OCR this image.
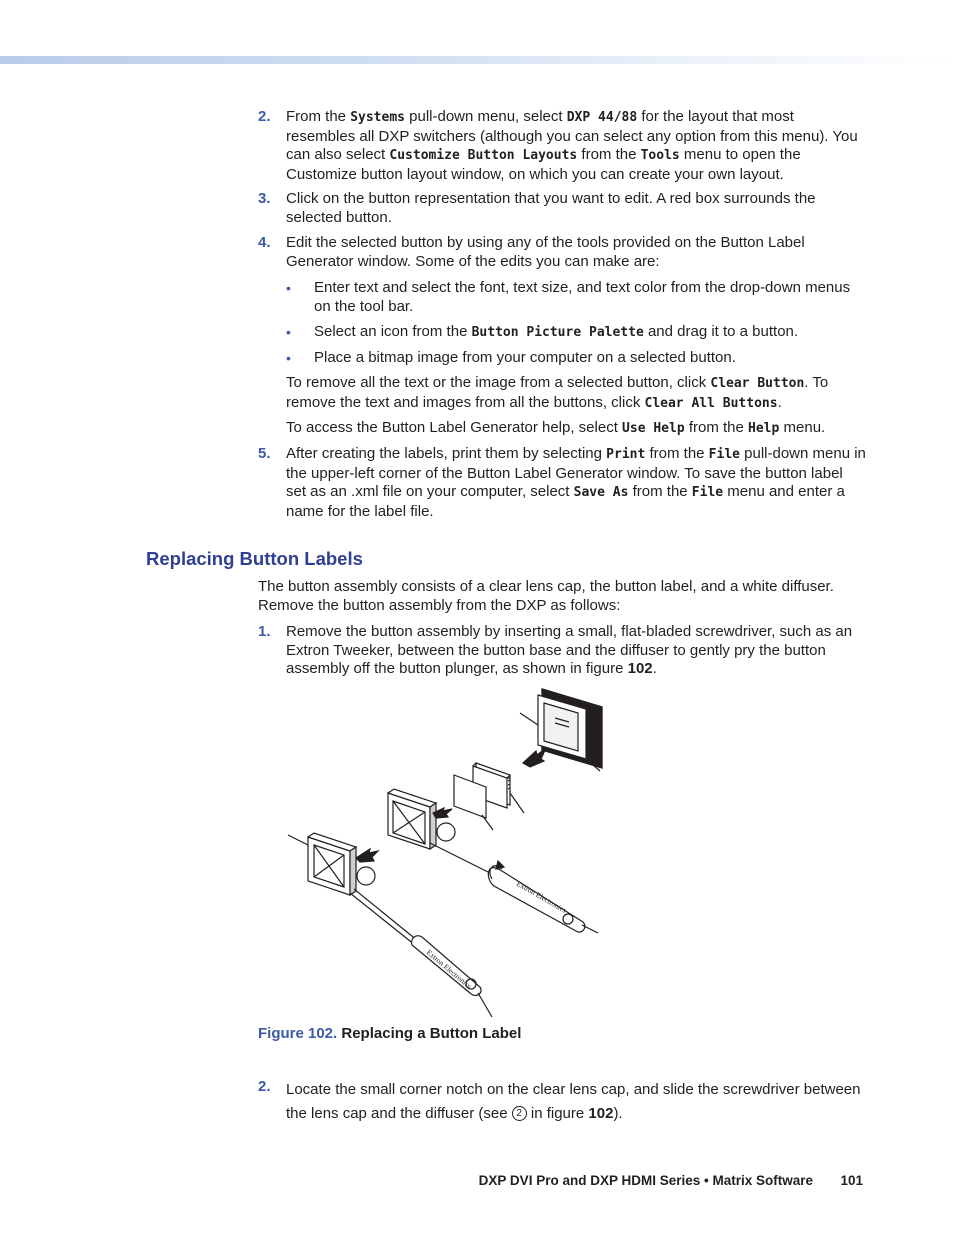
2. From the Systems pull-down menu, select DXP 44/88 for the layout that most resembles all DXP switchers (although you can select any option from this menu). You can also select Customize Button Layouts from the Tools menu to open the Customize button layout window, on which you can create your own layout.
3. Click on the button representation that you want to edit. A red box surrounds the selected button.
4. Edit the selected button by using any of the tools provided on the Button Label Generator window. Some of the edits you can make are:
• Enter text and select the font, text size, and text color from the drop-down menus on the tool bar.
• Select an icon from the Button Picture Palette and drag it to a button.
• Place a bitmap image from your computer on a selected button.
To remove all the text or the image from a selected button, click Clear Button. To remove the text and images from all the buttons, click Clear All Buttons.
To access the Button Label Generator help, select Use Help from the Help menu.
5. After creating the labels, print them by selecting Print from the File pull-down menu in the upper-left corner of the Button Label Generator window. To save the button label set as an .xml file on your computer, select Save As from the File menu and enter a name for the label file.
Replacing Button Labels
The button assembly consists of a clear lens cap, the button label, and a white diffuser. Remove the button assembly from the DXP as follows:
1. Remove the button assembly by inserting a small, flat-bladed screwdriver, such as an Extron Tweeker, between the button base and the diffuser to gently pry the button assembly off the button plunger, as shown in figure 102.
Extron Electronics
Extron Electronics
Figure 102. Replacing a Button Label
2. Locate the small corner notch on the clear lens cap, and slide the screwdriver between the lens cap and the diffuser (see 2 in figure 102).
DXP DVI Pro and DXP HDMI Series • Matrix Software 101
